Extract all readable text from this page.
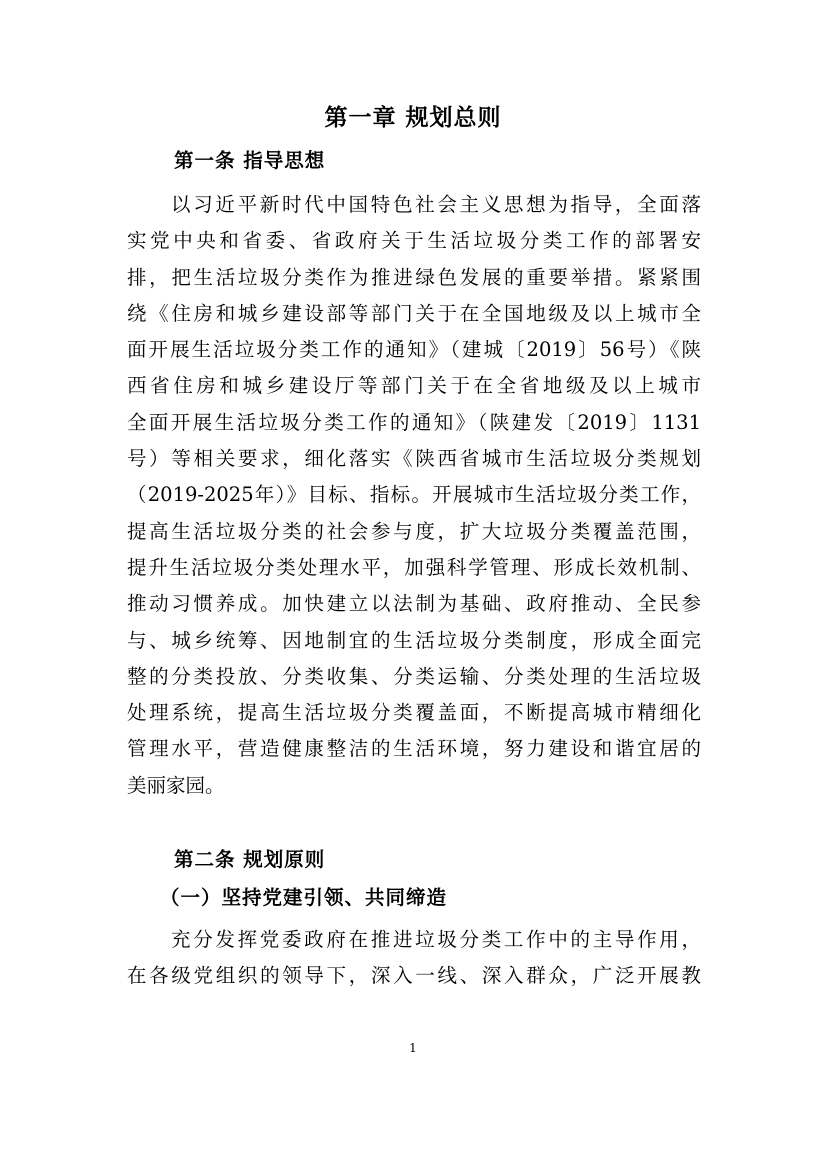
第一章 规划总则
第一条 指导思想
以习近平新时代中国特色社会主义思想为指导，全面落
实党中央和省委、省政府关于生活垃圾分类工作的部署安
排，把生活垃圾分类作为推进绿色发展的重要举措。紧紧围
绕《住房和城乡建设部等部门关于在全国地级及以上城市全
面开展生活垃圾分类工作的通知》（建城〔2019〕56号）《陕
西省住房和城乡建设厅等部门关于在全省地级及以上城市
全面开展生活垃圾分类工作的通知》（陕建发〔2019〕1131
号）等相关要求，细化落实《陕西省城市生活垃圾分类规划
（2019-2025年）》目标、指标。开展城市生活垃圾分类工作，
提高生活垃圾分类的社会参与度，扩大垃圾分类覆盖范围，
提升生活垃圾分类处理水平，加强科学管理、形成长效机制、
推动习惯养成。加快建立以法制为基础、政府推动、全民参
与、城乡统筹、因地制宜的生活垃圾分类制度，形成全面完
整的分类投放、分类收集、分类运输、分类处理的生活垃圾
处理系统，提高生活垃圾分类覆盖面，不断提高城市精细化
管理水平，营造健康整洁的生活环境，努力建设和谐宜居的
美丽家园。
第二条 规划原则
（一）坚持党建引领、共同缔造
充分发挥党委政府在推进垃圾分类工作中的主导作用，
在各级党组织的领导下，深入一线、深入群众，广泛开展教
1
